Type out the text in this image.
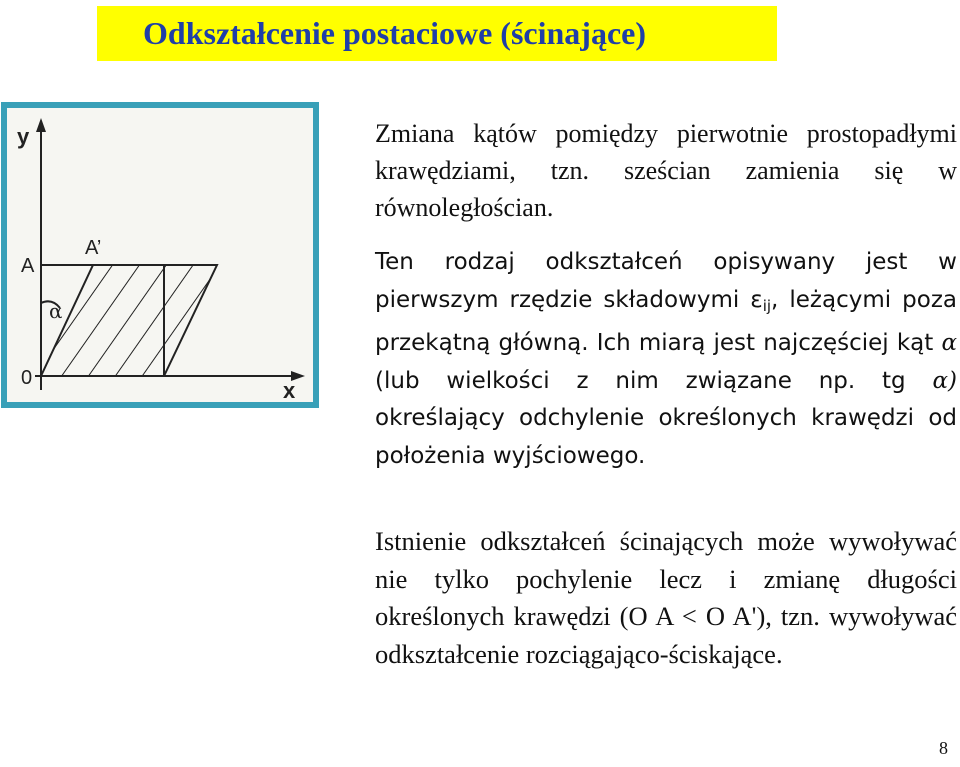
Odkształcenie postaciowe (ścinające)
y
x
A
A’
α
0

Zmiana kątów pomiędzy pierwotnie prostopadłymi krawędziami, tzn. sześcian zamienia się w równoległościan.

Ten rodzaj odkształceń opisywany jest w pierwszym rzędzie składowymi $\varepsilon_{ij}$, leżącymi poza przekątną główną. Ich miarą jest najczęściej kąt α (lub wielkości z nim związane np. tg α) określający odchylenie określonych krawędzi od położenia wyjściowego.

Istnienie odkształceń ścinających może wywoływać nie tylko pochylenie lecz i zmianę długości określonych krawędzi (O A < O A'), tzn. wywoływać odkształcenie rozciągająco-ściskające.

8
